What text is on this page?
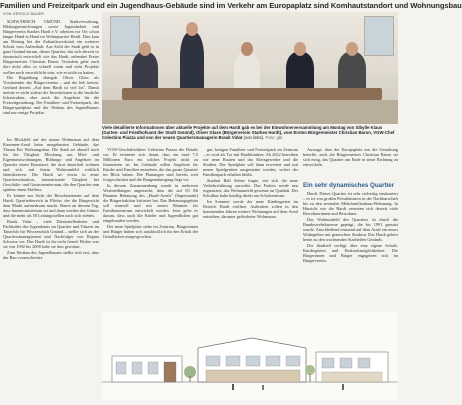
Familien und Freizeitpark und ein Jugendhaus-Gebäude sind im Verkehr am Europaplatz sind Komhautstandort und Wohnungsbau
VON GEROLD BAUER

SCHWÄBISCH GMÜND. Stadtverwaltung, Bildungseinrichtungen sowie Jugendarbeit und Bürgerverein Starkes Hardt e.V. arbeiten vor Ort schon länger Hand in Hand im Wohnquartier Hardt. Dies kam am Montag bei der Zukunftswerkstatt ein weiterer Schritt vom Aufenthalt: Aus Sicht der Stadt geht es in ganz Gmünd darum, dieses Quartier, das sich derzeit so dynamisch entwickelt wie das Hardt, nebenbei Erster Bürgermeister Christian Baron. Trotzdem gehe auch dort nicht alles so schnell voran und viele Projekte wollen noch verwirklicht sein, wie es nicht zu hatten.

Die Begrüßung übergab Oliver Glass als Vorsitzender des Bürgervereins – und der lieb betont: Gerhard derzeit „Auf dem Hardt ist viel los". Damit meinte er nicht zuletzt die Investitionen in die bauliche Infrastruktur, aber auch die Angebote für die Freizeitgestaltung. Der Familien- und Freizeitpark, der Bürgerspielplatz und der Neubau des Jugendhauses sind nur einige Projekte.

Viele detaillierte Informationen über aktuelle Projekte auf dem Hardt gab es bei der Einwohnerversammlung am Montag von Sibylle Klaus (Garten- und Friedhofsamt der Stadt Gmünd), Oliver Glass (Bürgerverein Starkes Hardt), vom Ersten Bürgermeister Christian Baron, VGW-Chef Celestino Piazza und von der neuen Quartiersmanagerin Brauk Vidat (von links). Foto: gbr

Im Blickfeld auf der neuen Wohnraum auf dem Kasernen-Areal beim neugebauten Gebäude, das Thema Bei Wohnungsbau. Die Stadt sei aktuell noch für die Tätigkeit Mischung aus Miet- und Eigentumswohnungen, Bildungs- und Angebote im Quartier einen Einsatzort, die dort dauerhaft wohnen und sich mit ihrem Wohnumfeld wirklich identifizieren. Die Hardt sei etwas in einer Quartierssituation, internationale Tätigkeit bei Geschäfts- und Gastronomieraum, die den Quartier nun spürbar einen Einfluss.

Es könnte aus Sicht der Bewohnerinnen auf dem Hardt, Quartierbereich in Fläche, der die Bürgersicht dem Markt aufmerksam macht. Baron an diesem Tag, dass Innenministerium sei und dann werden das Grünes und die mehr als 50 Leitungsstellen nach sich ziehen.

Brauk Vidat – viele Dienststellenleiter und Fachkräfte des Jugendamts im Quartier und Tänzen im Tanzclub für Wissenschaft Gmünd – stellte sich an der Quartiersmanagement und Nachfolger von Regina Schwarz vor. Das Hardt ist ihr nicht fremd: Bisher war sie von 1992 bis 2008 habe sie dort gewohnt.

Zum Neubau des Jugendhauses stellte sich erst, dass der Bau voranschreitet.

VGW-Geschäftsführer Celestino Piazza die Details vor. Er erinnerte sich daran, dass ein rund 7,5 Millionen Euro ein solches Projekt nicht zu finanzieren ist. Im Gebäude sollen Angebote für Kinder und Familien entstehen, die das ganze Quartier im Blick haben. Die Planungen sind bereits weit fortgeschritten und die Baugenehmigung liegt vor.

In diesem Zusammenhang wurde in mehreren Wortmeldungen angemerkt, dass die auf 83 Eh Bäumen Bebauung des „Hardt-Areals" (Supermarkt) die Bürgerfraktion kritisiert hat. Das Bebauungsgebiet soll sinnvoll und mit neuen Räumen für Familienzentrum entwickelt werden. Jetzt gehe es darum, dass auch die Kinder und Jugendlichen gut eingebunden werden.

Der neue Spielplatz stehe im Zentrum, Bürgerinnen und Bürger hätten sich ausdrücklich für den Erhalt der Grünflächen ausgesprochen.

gut, bringen Familien- und Freizeitpark im Zentrum – es wird als Tor mit Hardtkindern. Ab 2022 betreiben wir neue Bauten und das Kleingewerbe und die Straßen. Der Spielplatz soll dann erweitert und mit neuen Spielgeräten ausgestattet werden, wobei der Familienpark erhalten bleibt.

Stadtrat Ralf Sieber fragte, wie sich die neue Verkehrsführung auswirke. Das Parken werde neu organisiert, das Wohnumfeld gewinne an Qualität. Der Schulbus halte künftig direkt am Schulzentrum.

Im Sommer werde der neue Kindergarten im Bereich Hardt eröffnet. Außerdem sollen in den kommenden Jahren weitere Wohnungen auf dem Areal entstehen, darunter geförderter Wohnraum.

Aussage, dass der Europaplatz nur die Gestaltung betreffe, auch die Bürgermeister Christian Baron sei sich einig, das Quartier am Ende in seine Richtung zu entwickeln.

Ein sehr dynamisches Quartier

Hardt: Dieses Quartier ist sehr vielseitig strukturiert – es ist von großen Privathäusern in der Nachbarschaft bis zu den zentralen Mehrfamilienhaus-Bebauung. In Hinsicht wie die Hardt vertreten sich derzeit viele Bewohnerinnen und Bewohner.

Das Wohnumfeld des Quartiers ist durch die Bundeswehrkaserne geprägt, die bis 1991 genutzt wurde. Anschließend entstand auf dem Areal ein neues Wohngebiet mit gemischter Struktur. Das Hardt gehört heute zu den wachsenden Stadtteilen Gmünds.

Der Stadtteil verfügt über eine eigene Schule, Kindergärten und Einkaufsmöglichkeiten. Die Bürgerinnen und Bürger engagieren sich im Bürgerverein.
